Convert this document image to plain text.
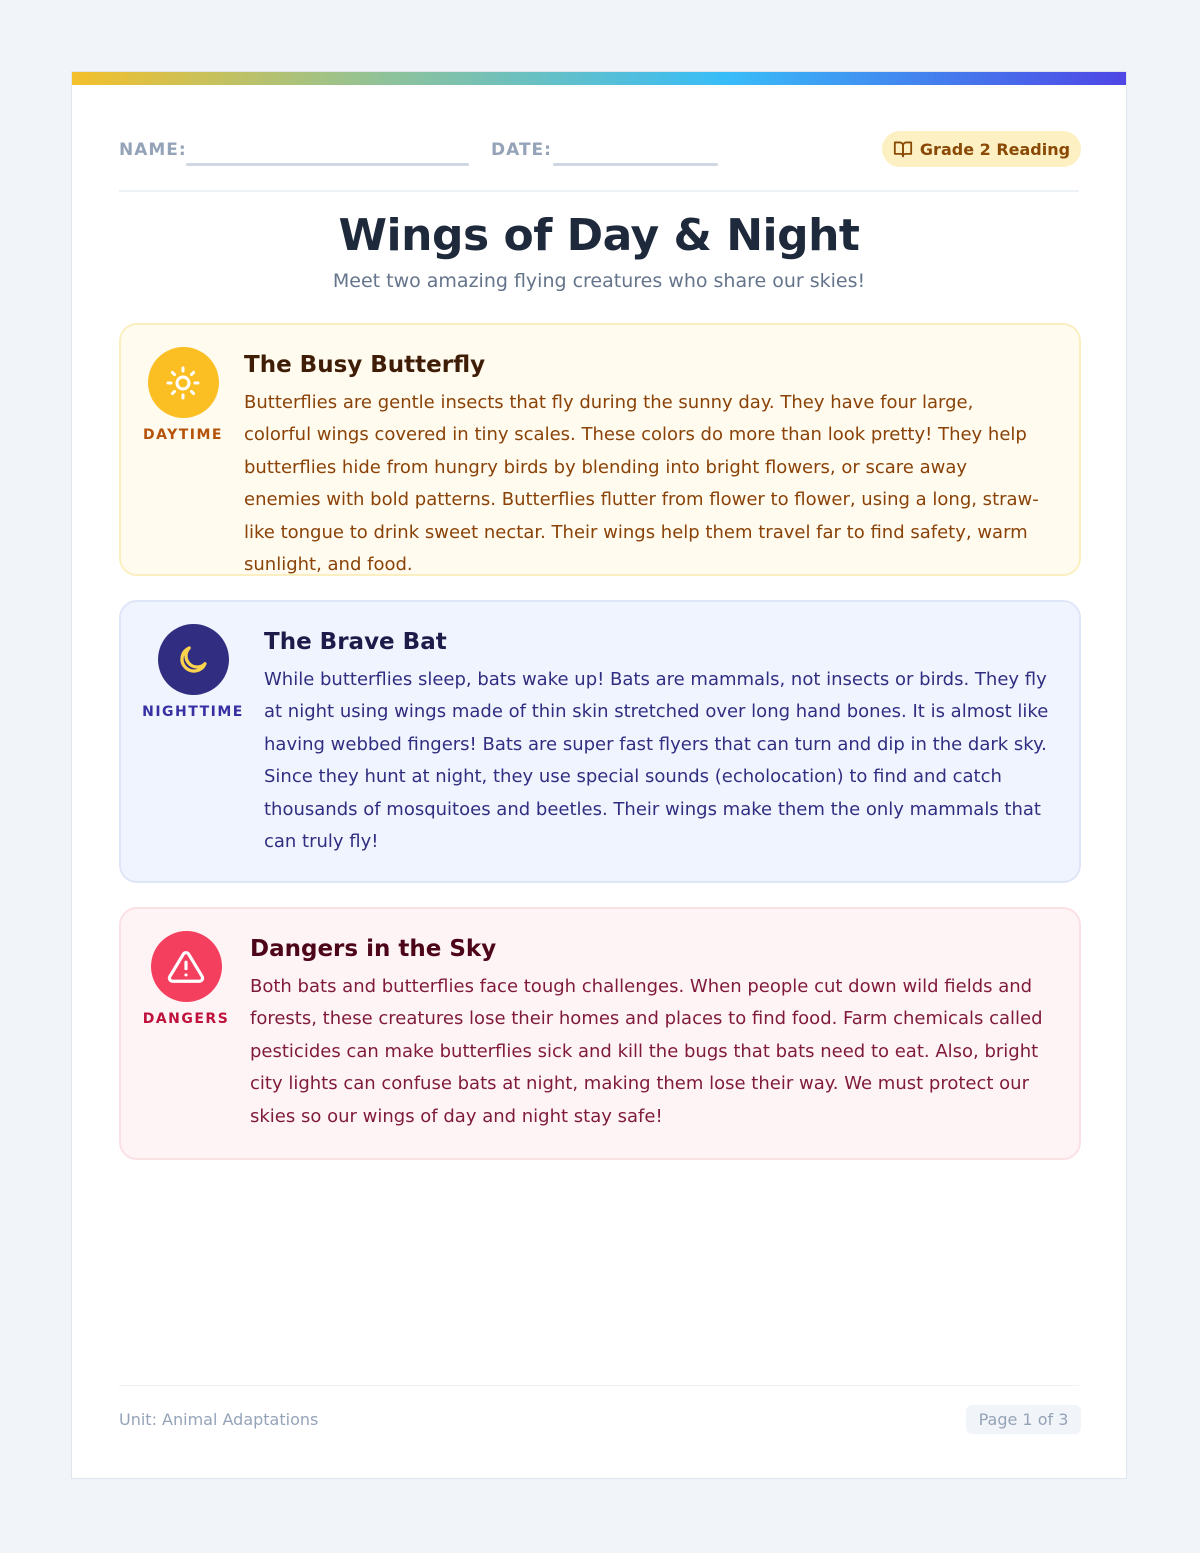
NAME:	DATE:	Grade 2 Reading
Wings of Day & Night
Meet two amazing flying creatures who share our skies!
DAYTIME
The Busy Butterfly

Butterflies are gentle insects that fly during the sunny day. They have four large, colorful wings covered in tiny scales. These colors do more than look pretty! They help butterflies hide from hungry birds by blending into bright flowers, or scare away enemies with bold patterns. Butterflies flutter from flower to flower, using a long, straw-like tongue to drink sweet nectar. Their wings help them travel far to find safety, warm sunlight, and food.

NIGHTTIME
The Brave Bat

While butterflies sleep, bats wake up! Bats are mammals, not insects or birds. They fly at night using wings made of thin skin stretched over long hand bones. It is almost like having webbed fingers! Bats are super fast flyers that can turn and dip in the dark sky. Since they hunt at night, they use special sounds (echolocation) to find and catch thousands of mosquitoes and beetles. Their wings make them the only mammals that can truly fly!

DANGERS
Dangers in the Sky

Both bats and butterflies face tough challenges. When people cut down wild fields and forests, these creatures lose their homes and places to find food. Farm chemicals called pesticides can make butterflies sick and kill the bugs that bats need to eat. Also, bright city lights can confuse bats at night, making them lose their way. We must protect our skies so our wings of day and night stay safe!

Unit: Animal Adaptations	Page 1 of 3
